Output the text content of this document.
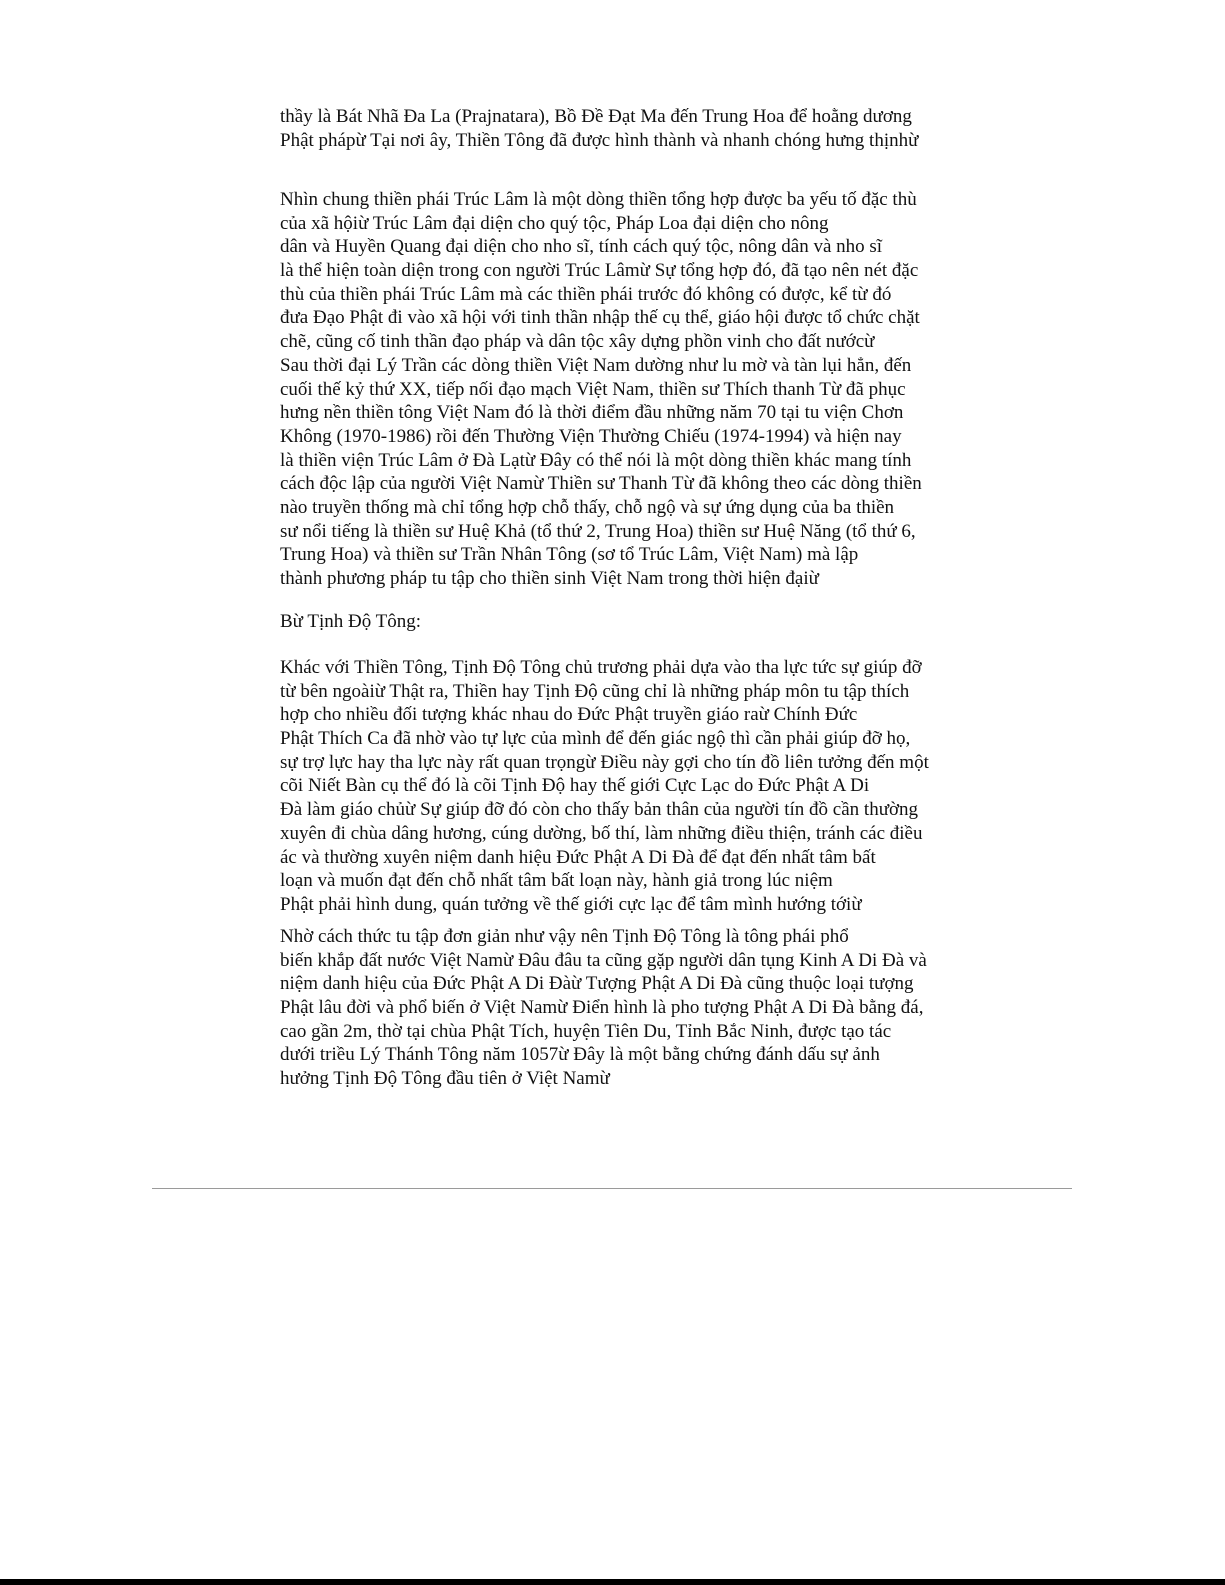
thầy là Bát Nhã Đa La (Prajnatara), Bồ Đề Đạt Ma đến Trung Hoa để hoằng dương
Phật phápừ Tại nơi ây, Thiền Tông đã được hình thành và nhanh chóng hưng thịnhừ
Nhìn chung thiền phái Trúc Lâm là một dòng thiền tổng hợp được ba yếu tố đặc thù
của xã hộiừ Trúc Lâm đại diện cho quý tộc, Pháp Loa đại diện cho nông
dân và Huyền Quang đại diện cho nho sĩ, tính cách quý tộc, nông dân và nho sĩ
là thể hiện toàn diện trong con người Trúc Lâmừ Sự tổng hợp đó, đã tạo nên nét đặc
thù của thiền phái Trúc Lâm mà các thiền phái trước đó không có được, kể từ đó
đưa Đạo Phật đi vào xã hội với tinh thần nhập thế cụ thể, giáo hội được tổ chức chặt
chẽ, cũng cố tinh thần đạo pháp và dân tộc xây dựng phồn vinh cho đất nướcừ
Sau thời đại Lý Trần các dòng thiền Việt Nam dường như lu mờ và tàn lụi hẳn, đến
cuối thế kỷ thứ XX, tiếp nối đạo mạch Việt Nam, thiền sư Thích thanh Từ đã phục
hưng nền thiền tông Việt Nam đó là thời điểm đầu những năm 70 tại tu viện Chơn
Không (1970-1986) rồi đến Thường Viện Thường Chiếu (1974-1994) và hiện nay
là thiền viện Trúc Lâm ở Đà Lạtừ Đây có thể nói là một dòng thiền khác mang tính
cách độc lập của người Việt Namừ Thiền sư Thanh Từ đã không theo các dòng thiền
nào truyền thống mà chỉ tổng hợp chỗ thấy, chỗ ngộ và sự ứng dụng của ba thiền
sư nổi tiếng là thiền sư Huệ Khả (tổ thứ 2, Trung Hoa) thiền sư Huệ Năng (tổ thứ 6,
Trung Hoa) và thiền sư Trần Nhân Tông (sơ tổ Trúc Lâm, Việt Nam) mà lập
thành phương pháp tu tập cho thiền sinh Việt Nam trong thời hiện đạiừ
Bừ Tịnh Độ Tông:
Khác với Thiền Tông, Tịnh Độ Tông chủ trương phải dựa vào tha lực tức sự giúp đỡ
từ bên ngoàiừ Thật ra, Thiền hay Tịnh Độ cũng chỉ là những pháp môn tu tập thích
hợp cho nhiều đối tượng khác nhau do Đức Phật truyền giáo raừ Chính Đức
Phật Thích Ca đã nhờ vào tự lực của mình để đến giác ngộ thì cần phải giúp đỡ họ,
sự trợ lực hay tha lực này rất quan trọngừ Điều này gợi cho tín đồ liên tưởng đến một
cõi Niết Bàn cụ thể đó là cõi Tịnh Độ hay thế giới Cực Lạc do Đức Phật A Di
Đà làm giáo chủừ Sự giúp đỡ đó còn cho thấy bản thân của người tín đồ cần thường
xuyên đi chùa dâng hương, cúng dường, bố thí, làm những điều thiện, tránh các điều
ác và thường xuyên niệm danh hiệu Đức Phật A Di Đà để đạt đến nhất tâm bất
loạn và muốn đạt đến chỗ nhất tâm bất loạn này, hành giả trong lúc niệm
Phật phải hình dung, quán tưởng về thế giới cực lạc để tâm mình hướng tớiừ
Nhờ cách thức tu tập đơn giản như vậy nên Tịnh Độ Tông là tông phái phổ
biến khắp đất nước Việt Namừ Đâu đâu ta cũng gặp người dân tụng Kinh A Di Đà và
niệm danh hiệu của Đức Phật A Di Đàừ Tượng Phật A Di Đà cũng thuộc loại tượng
Phật lâu đời và phổ biến ở Việt Namừ Điển hình là pho tượng Phật A Di Đà bằng đá,
cao gần 2m, thờ tại chùa Phật Tích, huyện Tiên Du, Tỉnh Bắc Ninh, được tạo tác
dưới triều Lý Thánh Tông năm 1057ừ Đây là một bằng chứng đánh dấu sự ảnh
hưởng Tịnh Độ Tông đầu tiên ở Việt Namừ
